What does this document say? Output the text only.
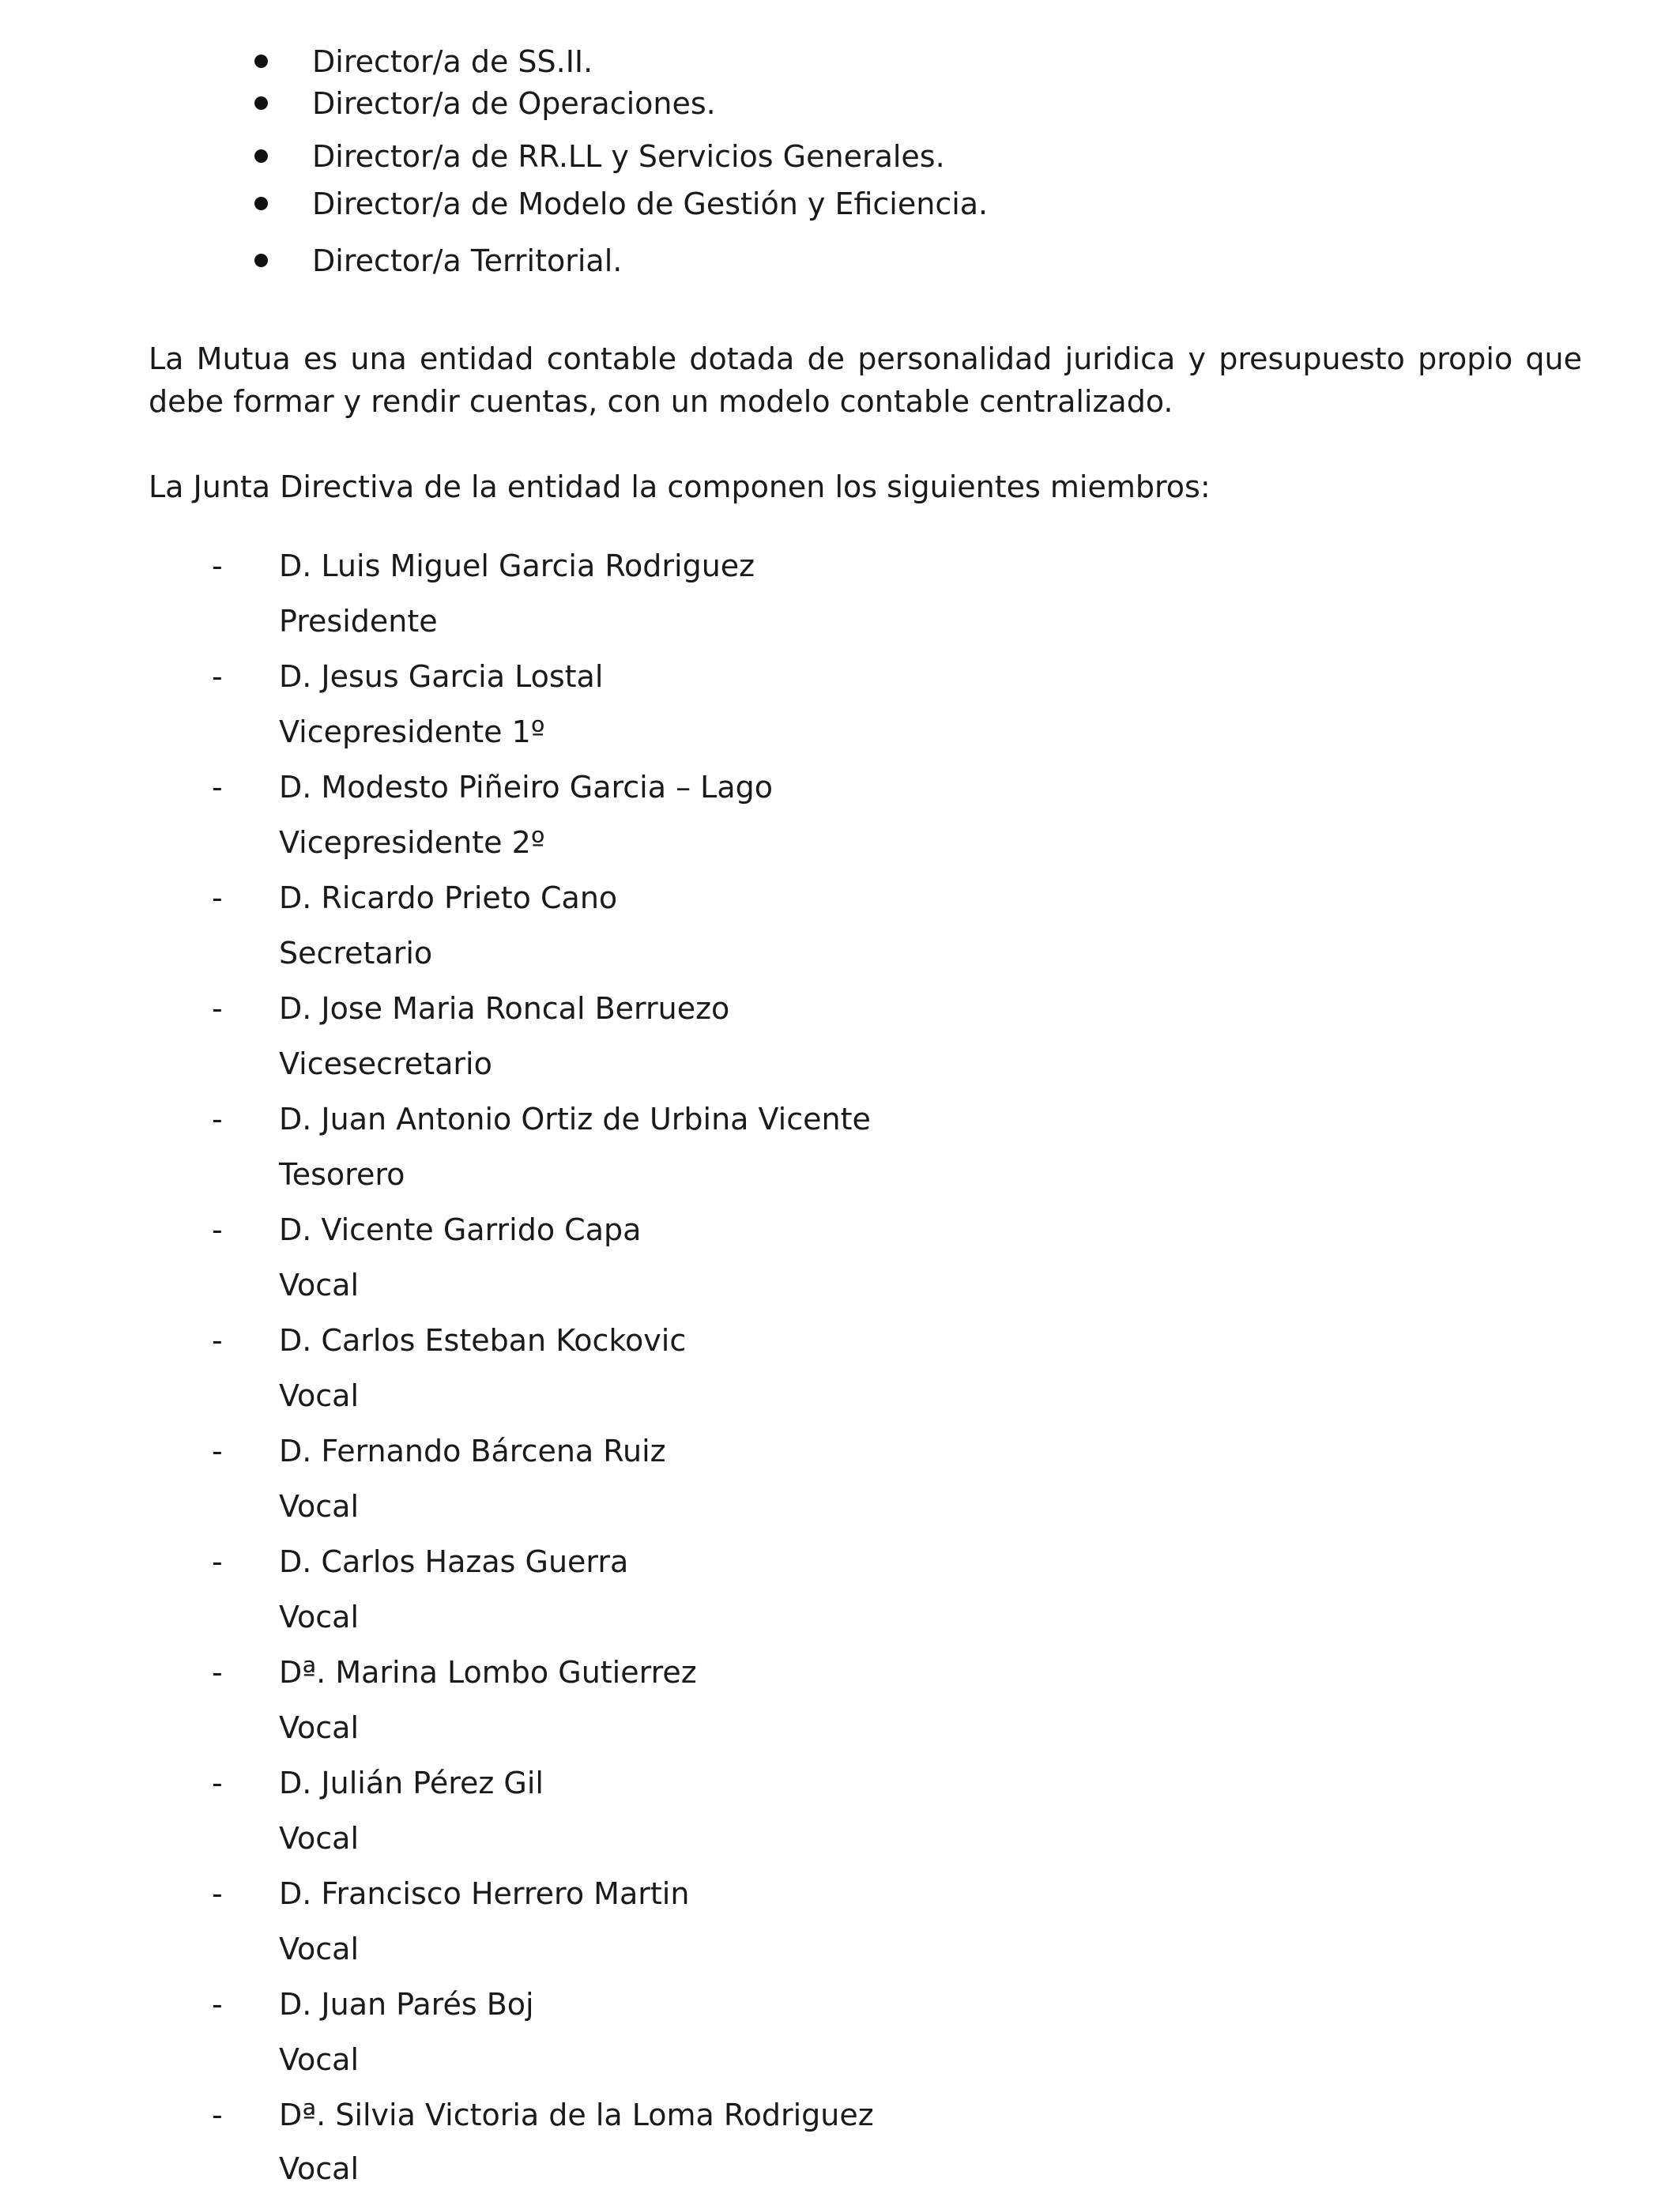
Director/a de SS.II.
Director/a de Operaciones.
Director/a de RR.LL y Servicios Generales.
Director/a de Modelo de Gestión y Eficiencia.
Director/a Territorial.

La Mutua es una entidad contable dotada de personalidad juridica y presupuesto propio que debe formar y rendir cuentas, con un modelo contable centralizado.

La Junta Directiva de la entidad la componen los siguientes miembros:

- D. Luis Miguel Garcia Rodriguez
Presidente
- D. Jesus Garcia Lostal
Vicepresidente 1º
- D. Modesto Piñeiro Garcia – Lago
Vicepresidente 2º
- D. Ricardo Prieto Cano
Secretario
- D. Jose Maria Roncal Berruezo
Vicesecretario
- D. Juan Antonio Ortiz de Urbina Vicente
Tesorero
- D. Vicente Garrido Capa
Vocal
- D. Carlos Esteban Kockovic
Vocal
- D. Fernando Bárcena Ruiz
Vocal
- D. Carlos Hazas Guerra
Vocal
- Dª. Marina Lombo Gutierrez
Vocal
- D. Julián Pérez Gil
Vocal
- D. Francisco Herrero Martin
Vocal
- D. Juan Parés Boj
Vocal
- Dª. Silvia Victoria de la Loma Rodriguez
Vocal
